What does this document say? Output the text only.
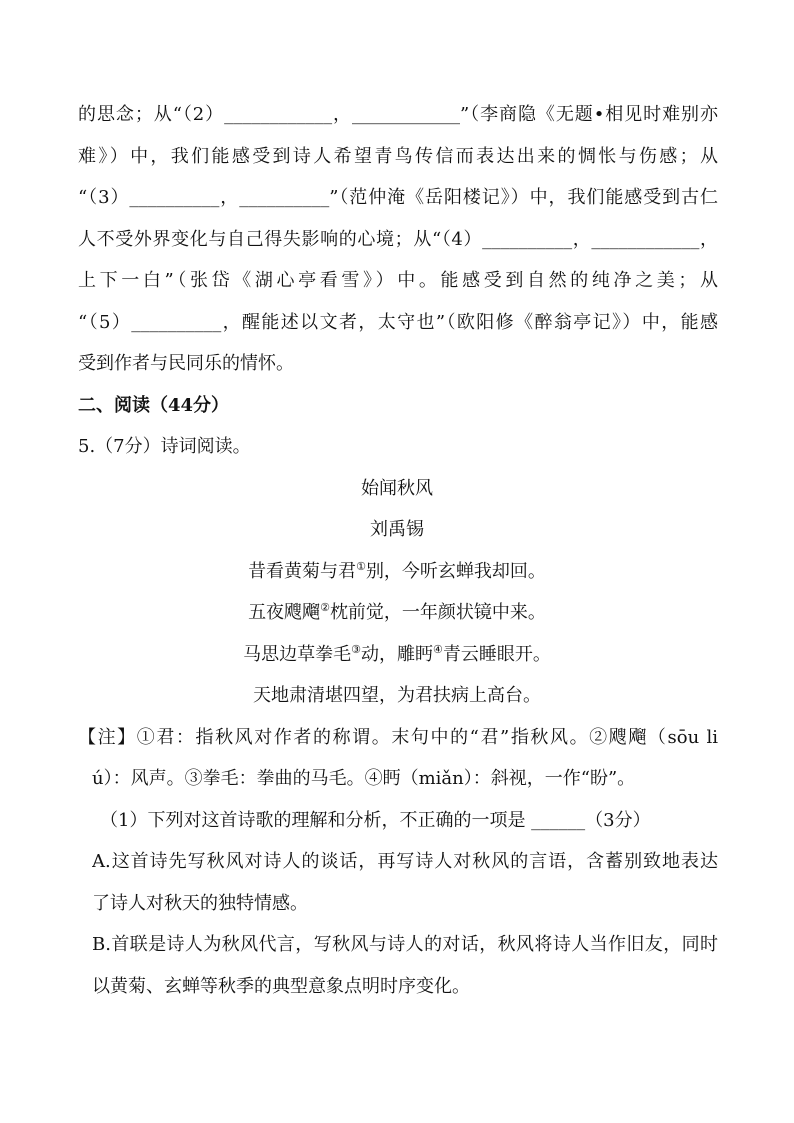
的思念；从“（2）____________，____________”（李商隐《无题•相见时难别亦
难》）中，我们能感受到诗人希望青鸟传信而表达出来的惆怅与伤感；从
“（3）__________，__________”（范仲淹《岳阳楼记》）中，我们能感受到古仁
人不受外界变化与自己得失影响的心境；从“（4）__________，____________，
上下一白”（张岱《湖心亭看雪》）中。能感受到自然的纯净之美；从
“（5）__________，醒能述以文者，太守也”（欧阳修《醉翁亭记》）中，能感
受到作者与民同乐的情怀。
二、阅读（44分）
5.（7分）诗词阅读。
始闻秋风
刘禹锡
昔看黄菊与君①别，今听玄蝉我却回。
五夜飕飗②枕前觉，一年颜状镜中来。
马思边草拳毛③动，雕眄④青云睡眼开。
天地肃清堪四望，为君扶病上高台。
【注】①君：指秋风对作者的称谓。末句中的“君”指秋风。②飕飗（sōu li
ú）：风声。③拳毛：拳曲的马毛。④眄（miǎn）：斜视，一作“盼”。
（1）下列对这首诗歌的理解和分析，不正确的一项是 ______（3分）
A.这首诗先写秋风对诗人的谈话，再写诗人对秋风的言语，含蓄别致地表达
了诗人对秋天的独特情感。
B.首联是诗人为秋风代言，写秋风与诗人的对话，秋风将诗人当作旧友，同时
以黄菊、玄蝉等秋季的典型意象点明时序变化。
